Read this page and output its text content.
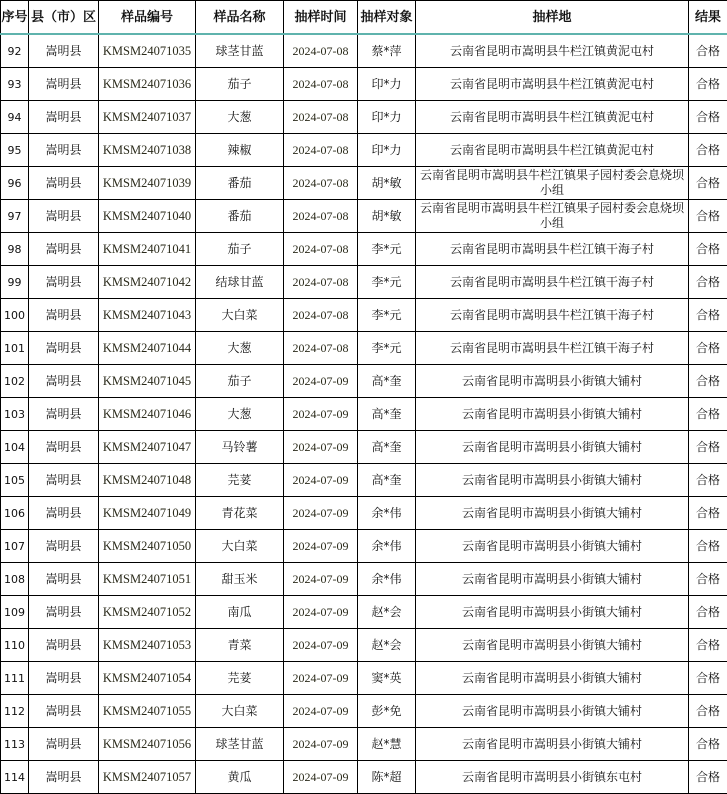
序号	县（市）区	样品编号	样品名称	抽样时间	抽样对象	抽样地	结果
92	嵩明县	KMSM24071035	球茎甘蓝	2024-07-08	蔡*萍	云南省昆明市嵩明县牛栏江镇黄泥屯村	合格
93	嵩明县	KMSM24071036	茄子	2024-07-08	印*力	云南省昆明市嵩明县牛栏江镇黄泥屯村	合格
94	嵩明县	KMSM24071037	大葱	2024-07-08	印*力	云南省昆明市嵩明县牛栏江镇黄泥屯村	合格
95	嵩明县	KMSM24071038	辣椒	2024-07-08	印*力	云南省昆明市嵩明县牛栏江镇黄泥屯村	合格
96	嵩明县	KMSM24071039	番茄	2024-07-08	胡*敏	云南省昆明市嵩明县牛栏江镇果子园村委会息烧坝小组	合格
97	嵩明县	KMSM24071040	番茄	2024-07-08	胡*敏	云南省昆明市嵩明县牛栏江镇果子园村委会息烧坝小组	合格
98	嵩明县	KMSM24071041	茄子	2024-07-08	李*元	云南省昆明市嵩明县牛栏江镇干海子村	合格
99	嵩明县	KMSM24071042	结球甘蓝	2024-07-08	李*元	云南省昆明市嵩明县牛栏江镇干海子村	合格
100	嵩明县	KMSM24071043	大白菜	2024-07-08	李*元	云南省昆明市嵩明县牛栏江镇干海子村	合格
101	嵩明县	KMSM24071044	大葱	2024-07-08	李*元	云南省昆明市嵩明县牛栏江镇干海子村	合格
102	嵩明县	KMSM24071045	茄子	2024-07-09	高*奎	云南省昆明市嵩明县小街镇大铺村	合格
103	嵩明县	KMSM24071046	大葱	2024-07-09	高*奎	云南省昆明市嵩明县小街镇大铺村	合格
104	嵩明县	KMSM24071047	马铃薯	2024-07-09	高*奎	云南省昆明市嵩明县小街镇大铺村	合格
105	嵩明县	KMSM24071048	芫荽	2024-07-09	高*奎	云南省昆明市嵩明县小街镇大铺村	合格
106	嵩明县	KMSM24071049	青花菜	2024-07-09	余*伟	云南省昆明市嵩明县小街镇大铺村	合格
107	嵩明县	KMSM24071050	大白菜	2024-07-09	余*伟	云南省昆明市嵩明县小街镇大铺村	合格
108	嵩明县	KMSM24071051	甜玉米	2024-07-09	余*伟	云南省昆明市嵩明县小街镇大铺村	合格
109	嵩明县	KMSM24071052	南瓜	2024-07-09	赵*会	云南省昆明市嵩明县小街镇大铺村	合格
110	嵩明县	KMSM24071053	青菜	2024-07-09	赵*会	云南省昆明市嵩明县小街镇大铺村	合格
111	嵩明县	KMSM24071054	芫荽	2024-07-09	窦*英	云南省昆明市嵩明县小街镇大铺村	合格
112	嵩明县	KMSM24071055	大白菜	2024-07-09	彭*免	云南省昆明市嵩明县小街镇大铺村	合格
113	嵩明县	KMSM24071056	球茎甘蓝	2024-07-09	赵*慧	云南省昆明市嵩明县小街镇大铺村	合格
114	嵩明县	KMSM24071057	黄瓜	2024-07-09	陈*超	云南省昆明市嵩明县小街镇东屯村	合格
